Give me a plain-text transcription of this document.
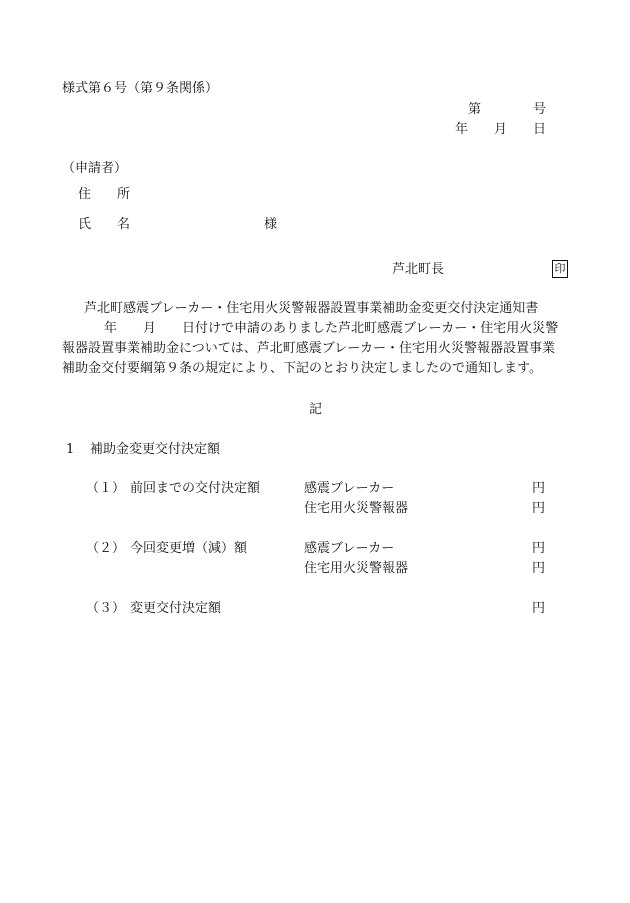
様式第６号（第９条関係）
第　　　　号
年　　月　　日
（申請者）
住　　所
氏　　名	様
芦北町長	印
芦北町感震ブレーカー・住宅用火災警報器設置事業補助金変更交付決定通知書
年　　月　　日付けで申請のありました芦北町感震ブレーカー・住宅用火災警
報器設置事業補助金については、芦北町感震ブレーカー・住宅用火災警報器設置事業
補助金交付要綱第９条の規定により、下記のとおり決定しましたので通知します。
記
1 補助金変更交付決定額
（１） 前回までの交付決定額	感震ブレーカー	円
住宅用火災警報器	円
（２） 今回変更増（減）額	感震ブレーカー	円
住宅用火災警報器	円
（３） 変更交付決定額	円
